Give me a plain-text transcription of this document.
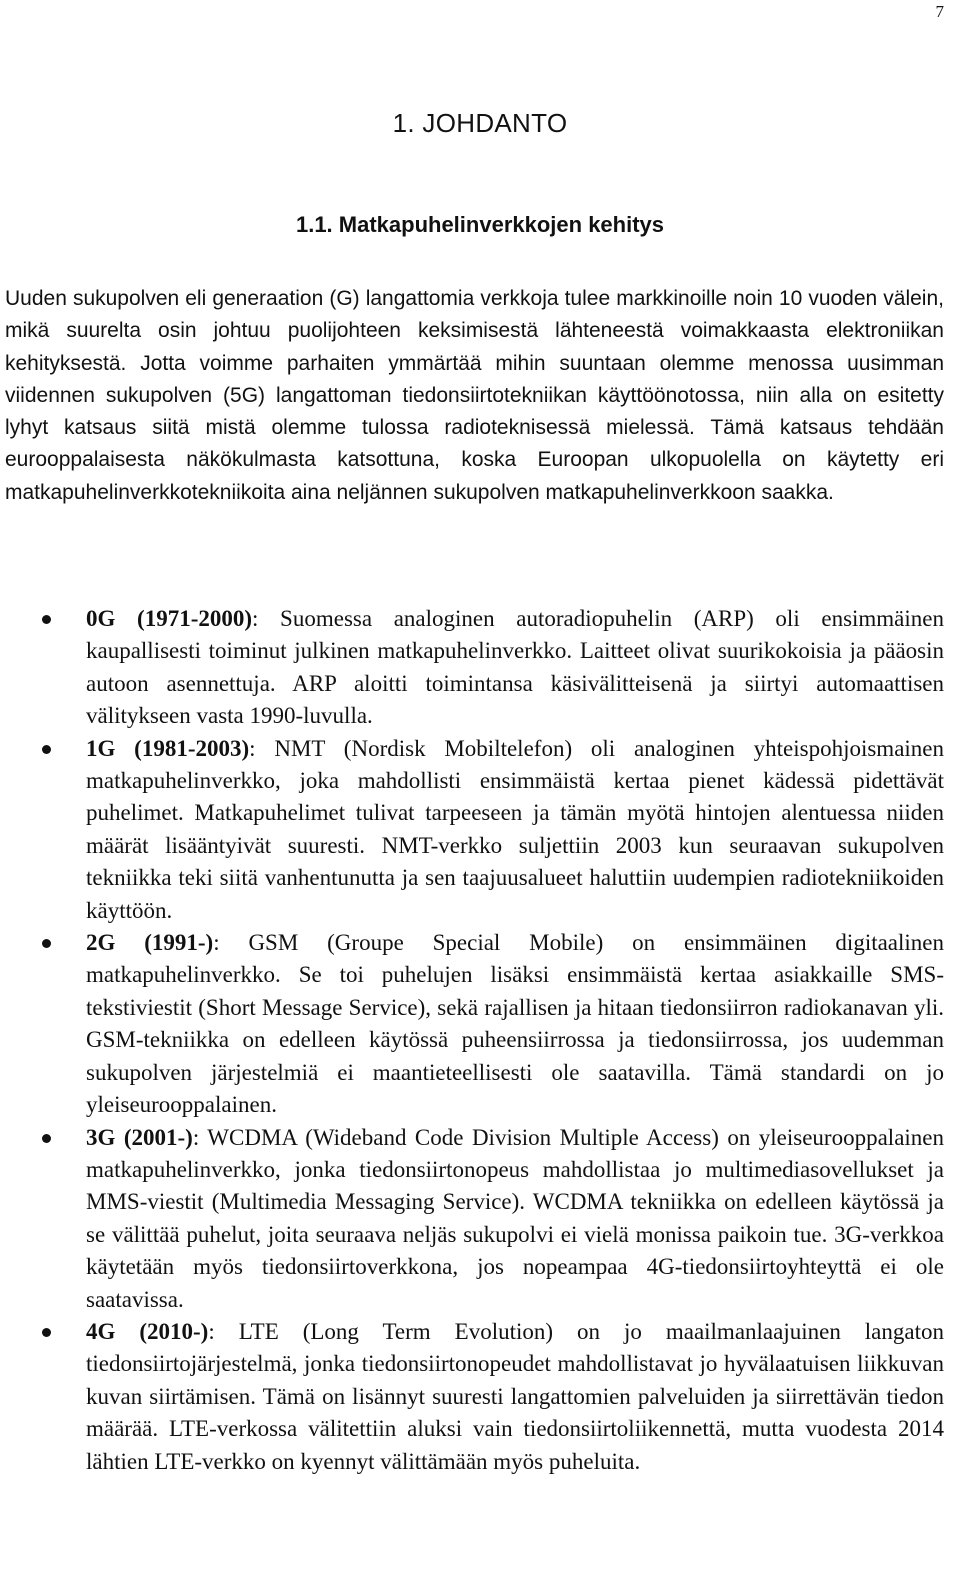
7
1. JOHDANTO
1.1. Matkapuhelinverkkojen kehitys

Uuden sukupolven eli generaation (G) langattomia verkkoja tulee markkinoille noin 10 vuoden välein, mikä suurelta osin johtuu puolijohteen keksimisestä lähteneestä voimakkaasta elektroniikan kehityksestä. Jotta voimme parhaiten ymmärtää mihin suuntaan olemme menossa uusimman viidennen sukupolven (5G) langattoman tiedonsiirtotekniikan käyttöönotossa, niin alla on esitetty lyhyt katsaus siitä mistä olemme tulossa radioteknisessä mielessä. Tämä katsaus tehdään eurooppalaisesta näkökulmasta katsottuna, koska Euroopan ulkopuolella on käytetty eri matkapuhelinverkkotekniikoita aina neljännen sukupolven matkapuhelinverkkoon saakka.

0G (1971-2000): Suomessa analoginen autoradiopuhelin (ARP) oli ensimmäinen kaupallisesti toiminut julkinen matkapuhelinverkko. Laitteet olivat suurikokoisia ja pääosin autoon asennettuja. ARP aloitti toimintansa käsivälitteisenä ja siirtyi automaattisen välitykseen vasta 1990-luvulla.
1G (1981-2003): NMT (Nordisk Mobiltelefon) oli analoginen yhteispohjoismainen matkapuhelinverkko, joka mahdollisti ensimmäistä kertaa pienet kädessä pidettävät puhelimet. Matkapuhelimet tulivat tarpeeseen ja tämän myötä hintojen alentuessa niiden määrät lisääntyivät suuresti. NMT-verkko suljettiin 2003 kun seuraavan sukupolven tekniikka teki siitä vanhentunutta ja sen taajuusalueet haluttiin uudempien radiotekniikoiden käyttöön.
2G (1991-): GSM (Groupe Special Mobile) on ensimmäinen digitaalinen matkapuhelinverkko. Se toi puhelujen lisäksi ensimmäistä kertaa asiakkaille SMS-tekstiviestit (Short Message Service), sekä rajallisen ja hitaan tiedonsiirron radiokanavan yli. GSM-tekniikka on edelleen käytössä puheensiirrossa ja tiedonsiirrossa, jos uudemman sukupolven järjestelmiä ei maantieteellisesti ole saatavilla. Tämä standardi on jo yleiseurooppalainen.
3G (2001-): WCDMA (Wideband Code Division Multiple Access) on yleiseurooppalainen matkapuhelinverkko, jonka tiedonsiirtonopeus mahdollistaa jo multimediasovellukset ja MMS-viestit (Multimedia Messaging Service). WCDMA tekniikka on edelleen käytössä ja se välittää puhelut, joita seuraava neljäs sukupolvi ei vielä monissa paikoin tue. 3G-verkkoa käytetään myös tiedonsiirtoverkkona, jos nopeampaa 4G-tiedonsiirtoyhteyttä ei ole saatavissa.
4G (2010-): LTE (Long Term Evolution) on jo maailmanlaajuinen langaton tiedonsiirtojärjestelmä, jonka tiedonsiirtonopeudet mahdollistavat jo hyvälaatuisen liikkuvan kuvan siirtämisen. Tämä on lisännyt suuresti langattomien palveluiden ja siirrettävän tiedon määrää. LTE-verkossa välitettiin aluksi vain tiedonsiirtoliikennettä, mutta vuodesta 2014 lähtien LTE-verkko on kyennyt välittämään myös puheluita.
